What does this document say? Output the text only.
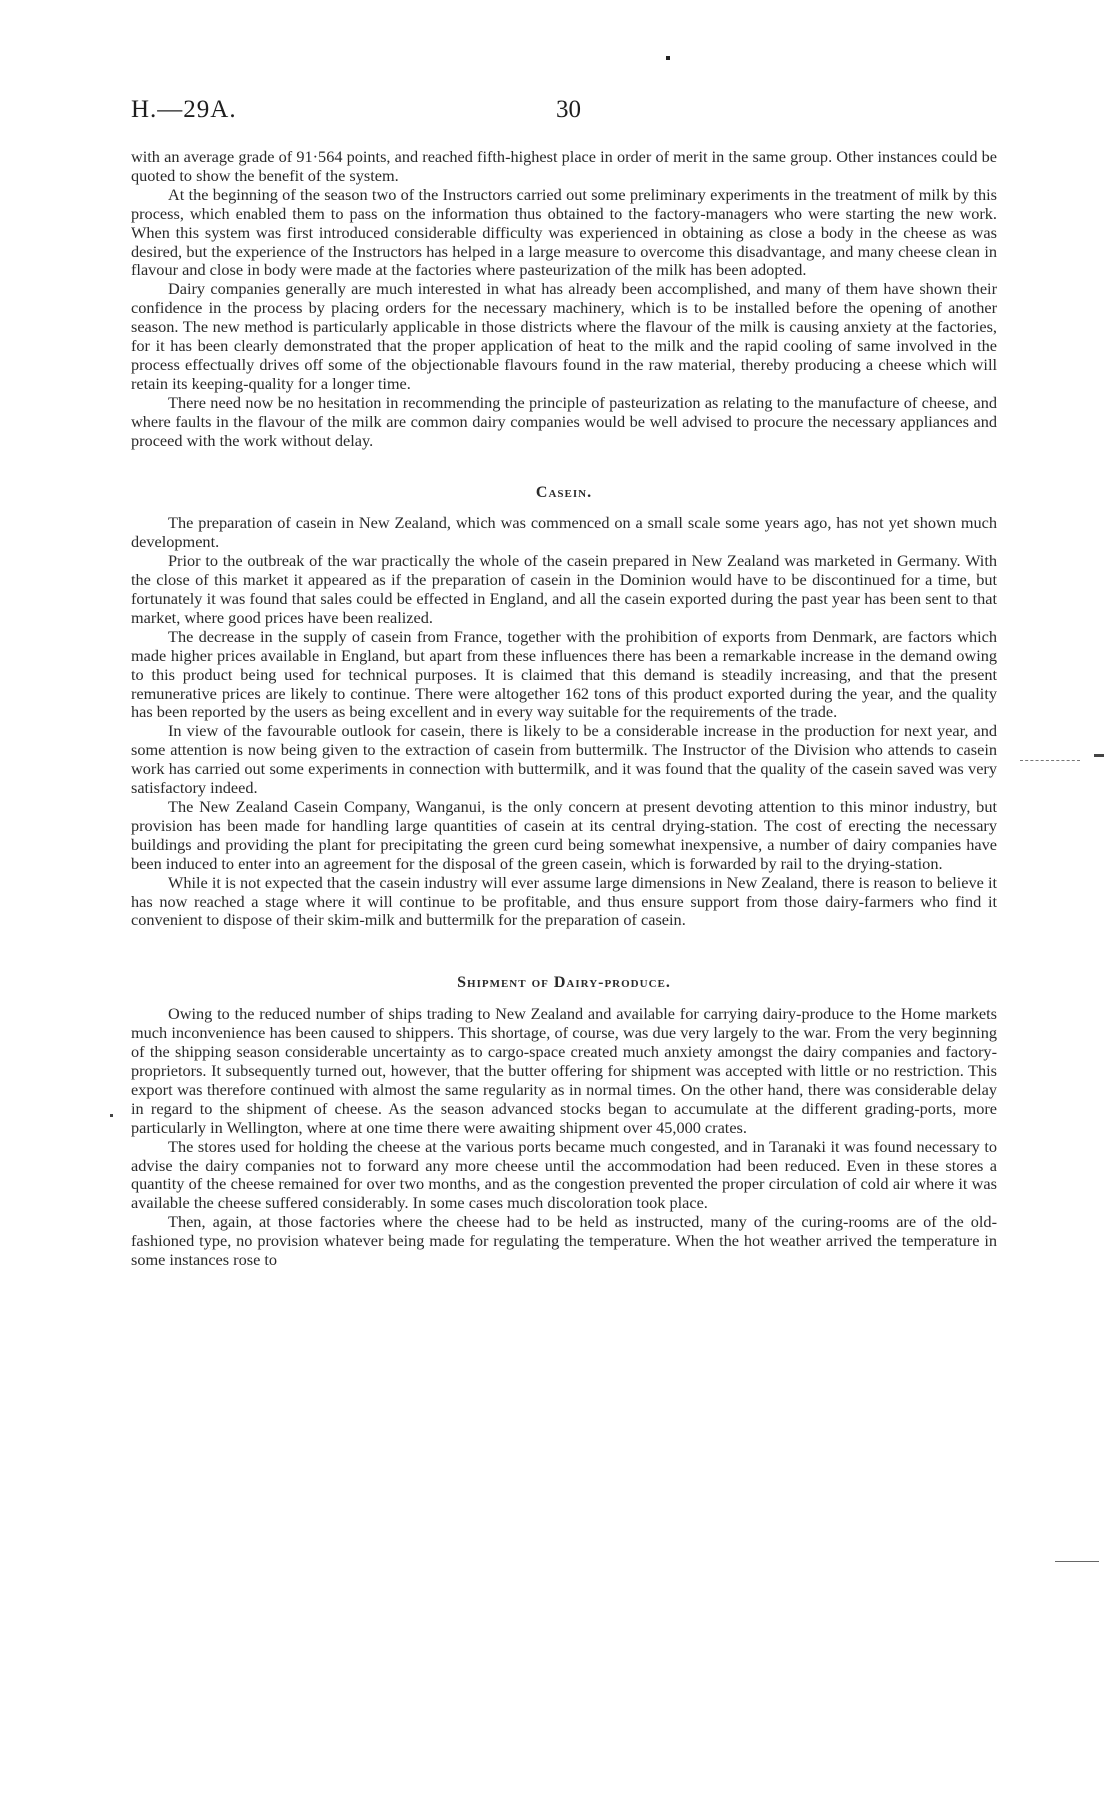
H.—29A.	30

with an average grade of 91·564 points, and reached fifth-highest place in order of merit in the same group. Other instances could be quoted to show the benefit of the system.

At the beginning of the season two of the Instructors carried out some preliminary experiments in the treatment of milk by this process, which enabled them to pass on the information thus obtained to the factory-managers who were starting the new work. When this system was first introduced considerable difficulty was experienced in obtaining as close a body in the cheese as was desired, but the experience of the Instructors has helped in a large measure to overcome this disadvantage, and many cheese clean in flavour and close in body were made at the factories where pasteurization of the milk has been adopted.

Dairy companies generally are much interested in what has already been accomplished, and many of them have shown their confidence in the process by placing orders for the necessary machinery, which is to be installed before the opening of another season. The new method is particularly applicable in those districts where the flavour of the milk is causing anxiety at the factories, for it has been clearly demonstrated that the proper application of heat to the milk and the rapid cooling of same involved in the process effectually drives off some of the objectionable flavours found in the raw material, thereby producing a cheese which will retain its keeping-quality for a longer time.

There need now be no hesitation in recommending the principle of pasteurization as relating to the manufacture of cheese, and where faults in the flavour of the milk are common dairy companies would be well advised to procure the necessary appliances and proceed with the work without delay.

Casein.

The preparation of casein in New Zealand, which was commenced on a small scale some years ago, has not yet shown much development.

Prior to the outbreak of the war practically the whole of the casein prepared in New Zealand was marketed in Germany. With the close of this market it appeared as if the preparation of casein in the Dominion would have to be discontinued for a time, but fortunately it was found that sales could be effected in England, and all the casein exported during the past year has been sent to that market, where good prices have been realized.

The decrease in the supply of casein from France, together with the prohibition of exports from Denmark, are factors which made higher prices available in England, but apart from these influences there has been a remarkable increase in the demand owing to this product being used for technical purposes. It is claimed that this demand is steadily increasing, and that the present remunerative prices are likely to continue. There were altogether 162 tons of this product exported during the year, and the quality has been reported by the users as being excellent and in every way suitable for the requirements of the trade.

In view of the favourable outlook for casein, there is likely to be a considerable increase in the production for next year, and some attention is now being given to the extraction of casein from buttermilk. The Instructor of the Division who attends to casein work has carried out some experiments in connection with buttermilk, and it was found that the quality of the casein saved was very satisfactory indeed.

The New Zealand Casein Company, Wanganui, is the only concern at present devoting attention to this minor industry, but provision has been made for handling large quantities of casein at its central drying-station. The cost of erecting the necessary buildings and providing the plant for precipitating the green curd being somewhat inexpensive, a number of dairy companies have been induced to enter into an agreement for the disposal of the green casein, which is forwarded by rail to the drying-station.

While it is not expected that the casein industry will ever assume large dimensions in New Zealand, there is reason to believe it has now reached a stage where it will continue to be profitable, and thus ensure support from those dairy-farmers who find it convenient to dispose of their skim-milk and buttermilk for the preparation of casein.

Shipment of Dairy-produce.

Owing to the reduced number of ships trading to New Zealand and available for carrying dairy-produce to the Home markets much inconvenience has been caused to shippers. This shortage, of course, was due very largely to the war. From the very beginning of the shipping season considerable uncertainty as to cargo-space created much anxiety amongst the dairy companies and factory-proprietors. It subsequently turned out, however, that the butter offering for shipment was accepted with little or no restriction. This export was therefore continued with almost the same regularity as in normal times. On the other hand, there was considerable delay in regard to the shipment of cheese. As the season advanced stocks began to accumulate at the different grading-ports, more particularly in Wellington, where at one time there were awaiting shipment over 45,000 crates.

The stores used for holding the cheese at the various ports became much congested, and in Taranaki it was found necessary to advise the dairy companies not to forward any more cheese until the accommodation had been reduced. Even in these stores a quantity of the cheese remained for over two months, and as the congestion prevented the proper circulation of cold air where it was available the cheese suffered considerably. In some cases much discoloration took place.

Then, again, at those factories where the cheese had to be held as instructed, many of the curing-rooms are of the old-fashioned type, no provision whatever being made for regulating the temperature. When the hot weather arrived the temperature in some instances rose to
